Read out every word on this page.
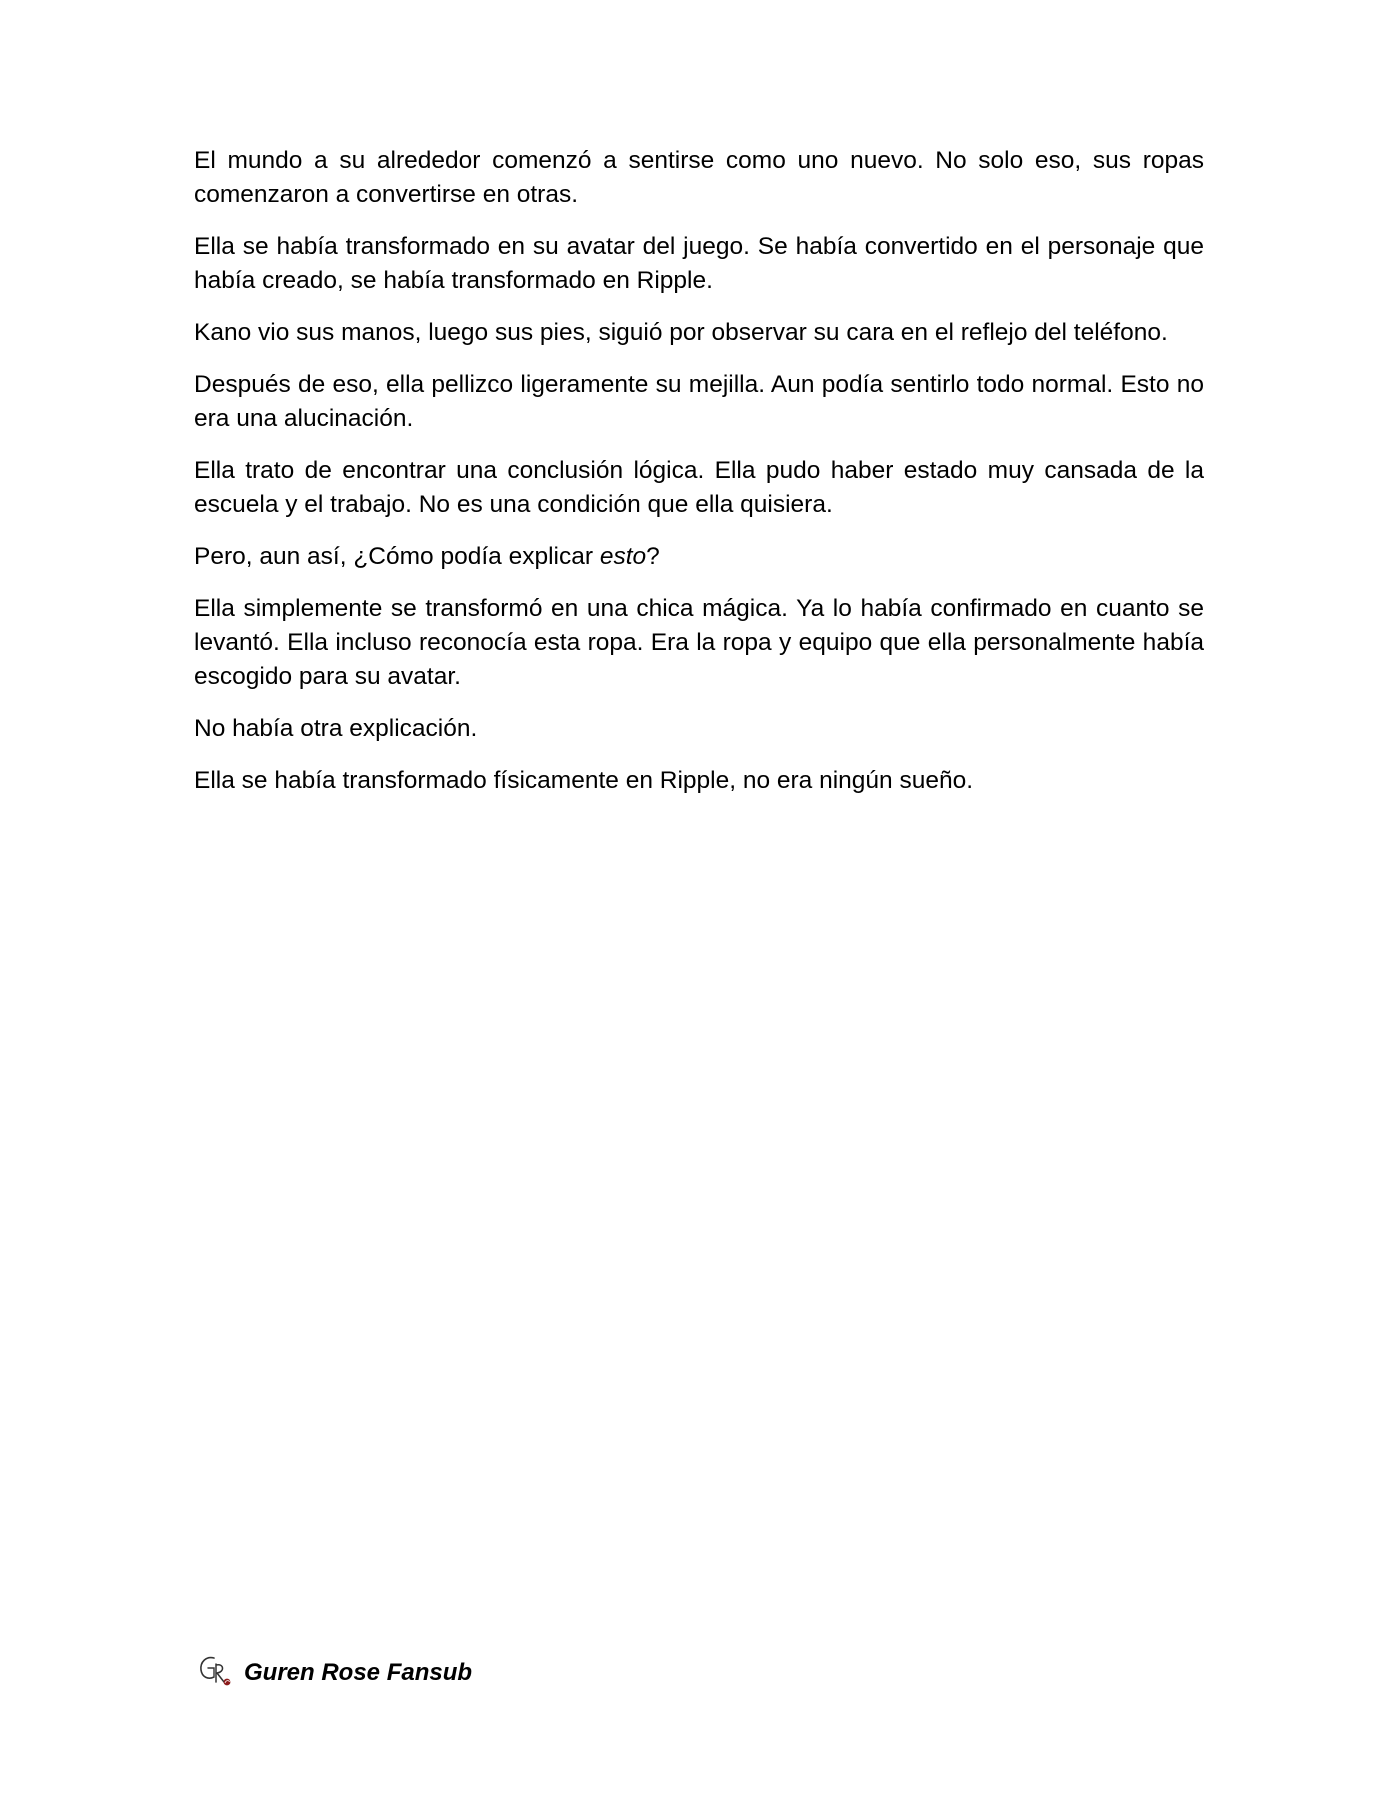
El mundo a su alrededor comenzó a sentirse como uno nuevo. No solo eso, sus ropas comenzaron a convertirse en otras.

Ella se había transformado en su avatar del juego. Se había convertido en el personaje que había creado, se había transformado en Ripple.

Kano vio sus manos, luego sus pies, siguió por observar su cara en el reflejo del teléfono.

Después de eso, ella pellizco ligeramente su mejilla. Aun podía sentirlo todo normal. Esto no era una alucinación.

Ella trato de encontrar una conclusión lógica. Ella pudo haber estado muy cansada de la escuela y el trabajo. No es una condición que ella quisiera.

Pero, aun así, ¿Cómo podía explicar esto?

Ella simplemente se transformó en una chica mágica. Ya lo había confirmado en cuanto se levantó. Ella incluso reconocía esta ropa. Era la ropa y equipo que ella personalmente había escogido para su avatar.

No había otra explicación.

Ella se había transformado físicamente en Ripple, no era ningún sueño.

Guren Rose Fansub
